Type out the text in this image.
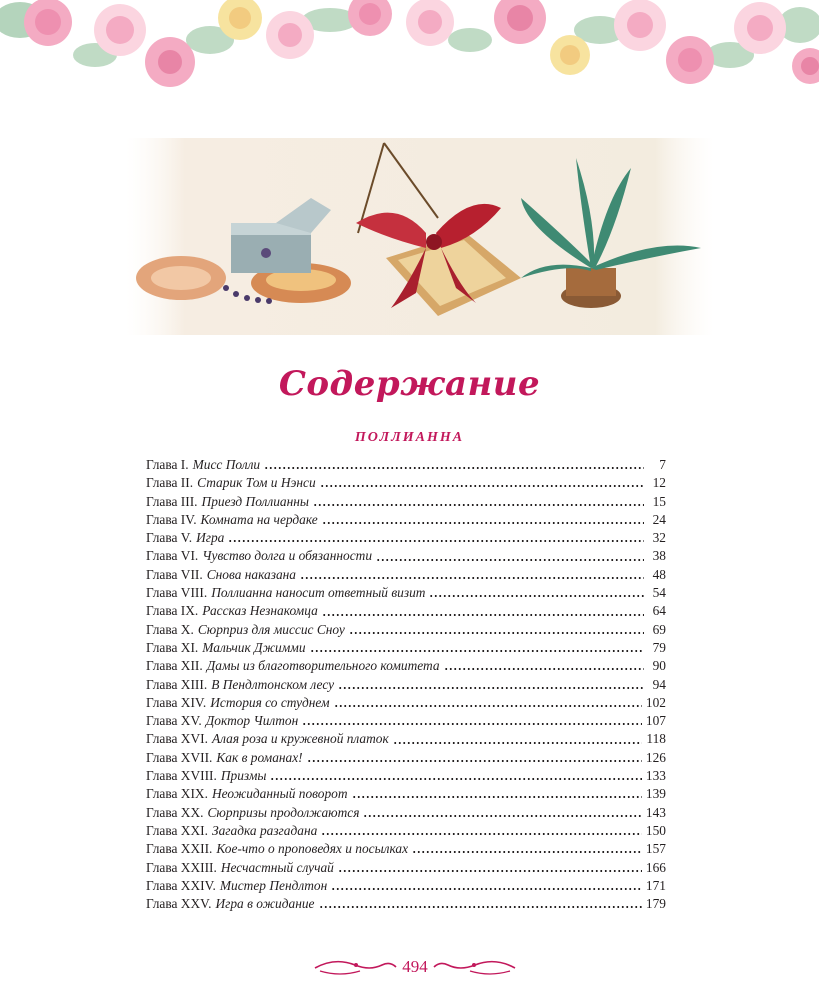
Содержание
ПОЛЛИАННА
Глава I. Мисс Полли	7
Глава II. Старик Том и Нэнси	12
Глава III. Приезд Поллианны	15
Глава IV. Комната на чердаке	24
Глава V. Игра	32
Глава VI. Чувство долга и обязанности	38
Глава VII. Снова наказана	48
Глава VIII. Поллианна наносит ответный визит	54
Глава IX. Рассказ Незнакомца	64
Глава X. Сюрприз для миссис Сноу	69
Глава XI. Мальчик Джимми	79
Глава XII. Дамы из благотворительного комитета	90
Глава XIII. В Пендлтонском лесу	94
Глава XIV. История со студнем	102
Глава XV. Доктор Чилтон	107
Глава XVI. Алая роза и кружевной платок	118
Глава XVII. Как в романах!	126
Глава XVIII. Призмы	133
Глава XIX. Неожиданный поворот	139
Глава XX. Сюрпризы продолжаются	143
Глава XXI. Загадка разгадана	150
Глава XXII. Кое-что о проповедях и посылках	157
Глава XXIII. Несчастный случай	166
Глава XXIV. Мистер Пендлтон	171
Глава XXV. Игра в ожидание	179
494
